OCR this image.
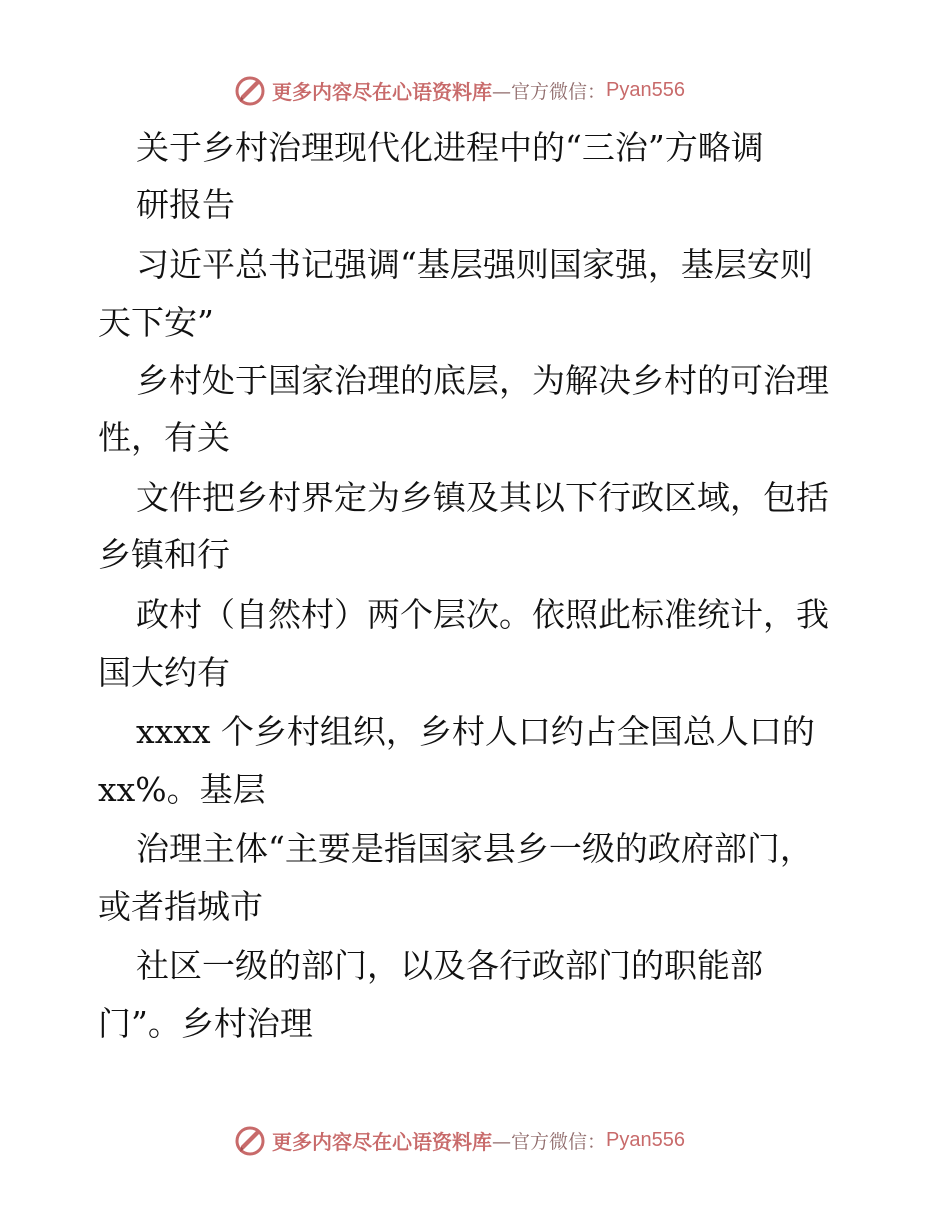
更多内容尽在心语资料库 —官方微信： Pyan556
关于乡村治理现代化进程中的“三治”方略调
研报告
习近平总书记强调“基层强则国家强，基层安则
天下安”
乡村处于国家治理的底层，为解决乡村的可治理
性，有关
文件把乡村界定为乡镇及其以下行政区域，包括
乡镇和行
政村（自然村）两个层次。依照此标准统计，我
国大约有
xxxx 个乡村组织，乡村人口约占全国总人口的
xx%。基层
治理主体“主要是指国家县乡一级的政府部门，
或者指城市
社区一级的部门，以及各行政部门的职能部
门”。乡村治理
更多内容尽在心语资料库 —官方微信： Pyan556
